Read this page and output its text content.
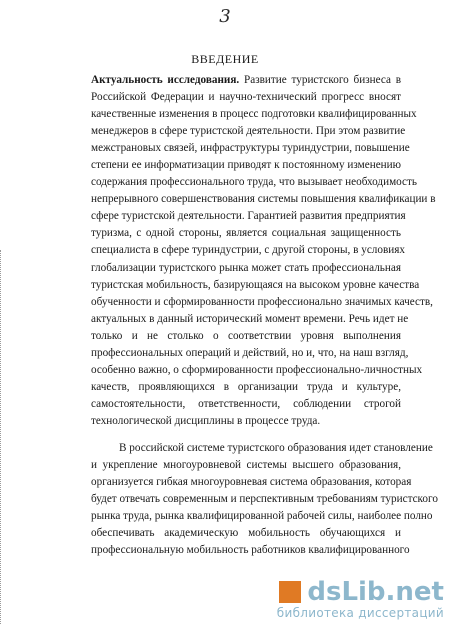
3
ВВЕДЕНИЕ
Актуальность исследования. Развитие туристского бизнеса в
Российской Федерации и научно-технический прогресс вносят
качественные изменения в процесс подготовки квалифицированных
менеджеров в сфере туристской деятельности. При этом развитие
межстрановых связей, инфраструктуры туриндустрии, повышение
степени ее информатизации приводят к постоянному изменению
содержания профессионального труда, что вызывает необходимость
непрерывного совершенствования системы повышения квалификации в
сфере туристской деятельности. Гарантией развития предприятия
туризма, с одной стороны, является социальная защищенность
специалиста в сфере туриндустрии, с другой стороны, в условиях
глобализации туристского рынка может стать профессиональная
туристская мобильность, базирующаяся на высоком уровне качества
обученности и сформированности профессионально значимых качеств,
актуальных в данный исторический момент времени. Речь идет не
только и не столько о соответствии уровня выполнения
профессиональных операций и действий, но и, что, на наш взгляд,
особенно важно, о сформированности профессионально-личностных
качеств, проявляющихся в организации труда и культуре,
самостоятельности, ответственности, соблюдении строгой
технологической дисциплины в процессе труда.
В российской системе туристского образования идет становление
и укрепление многоуровневой системы высшего образования,
организуется гибкая многоуровневая система образования, которая
будет отвечать современным и перспективным требованиям туристского
рынка труда, рынка квалифицированной рабочей силы, наиболее полно
обеспечивать академическую мобильность обучающихся и
профессиональную мобильность работников квалифицированного
dsLib.net
библиотека диссертаций
